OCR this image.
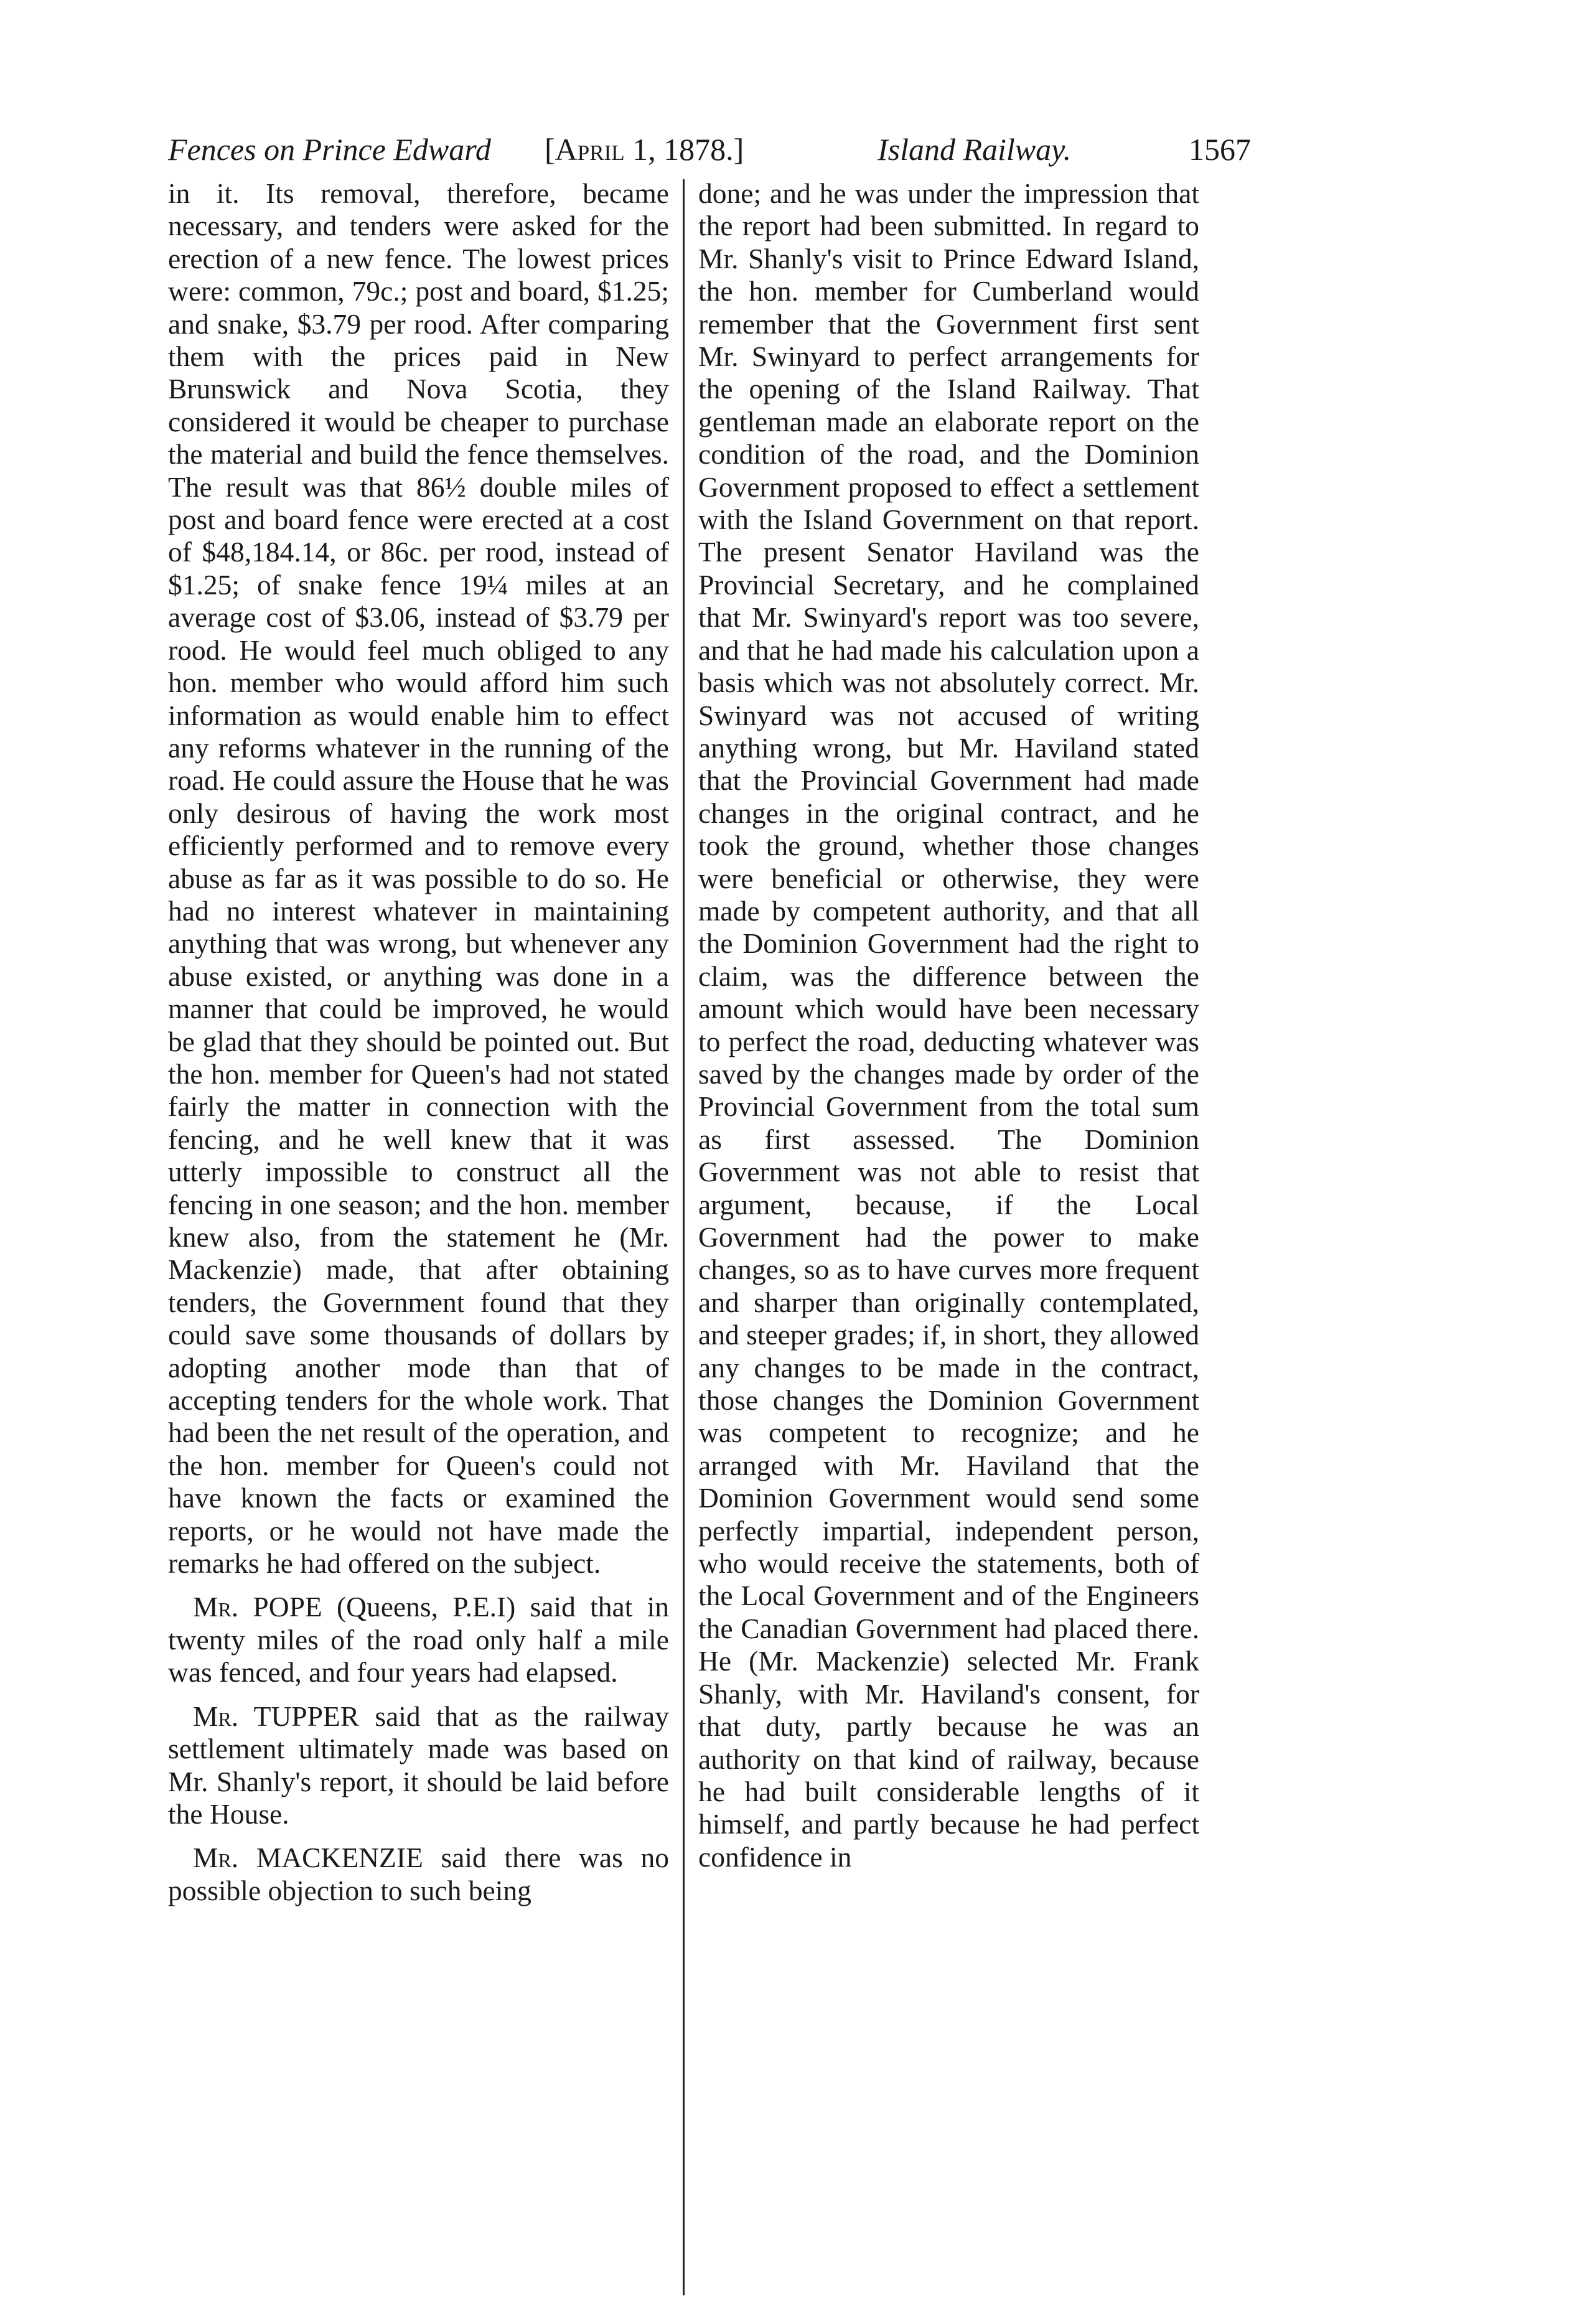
Fences on Prince Edward [April 1, 1878.]	Island Railway.	1567

in it. Its removal, therefore, became necessary, and tenders were asked for the erection of a new fence. The lowest prices were: common, 79c.; post and board, $1.25; and snake, $3.79 per rood. After comparing them with the prices paid in New Brunswick and Nova Scotia, they considered it would be cheaper to purchase the material and build the fence themselves. The result was that 86½ double miles of post and board fence were erected at a cost of $48,184.14, or 86c. per rood, instead of $1.25; of snake fence 19¼ miles at an average cost of $3.06, instead of $3.79 per rood. He would feel much obliged to any hon. member who would afford him such information as would enable him to effect any reforms whatever in the running of the road. He could assure the House that he was only desirous of having the work most efficiently performed and to remove every abuse as far as it was possible to do so. He had no interest whatever in maintaining anything that was wrong, but whenever any abuse existed, or anything was done in a manner that could be improved, he would be glad that they should be pointed out. But the hon. member for Queen's had not stated fairly the matter in connection with the fencing, and he well knew that it was utterly impossible to construct all the fencing in one season; and the hon. member knew also, from the statement he (Mr. Mackenzie) made, that after obtaining tenders, the Government found that they could save some thousands of dollars by adopting another mode than that of accepting tenders for the whole work. That had been the net result of the operation, and the hon. member for Queen's could not have known the facts or examined the reports, or he would not have made the remarks he had offered on the subject.

Mr. POPE (Queens, P.E.I) said that in twenty miles of the road only half a mile was fenced, and four years had elapsed.

Mr. TUPPER said that as the railway settlement ultimately made was based on Mr. Shanly's report, it should be laid before the House.

Mr. MACKENZIE said there was no possible objection to such being

done; and he was under the impression that the report had been submitted. In regard to Mr. Shanly's visit to Prince Edward Island, the hon. member for Cumberland would remember that the Government first sent Mr. Swinyard to perfect arrangements for the opening of the Island Railway. That gentleman made an elaborate report on the condition of the road, and the Dominion Government proposed to effect a settlement with the Island Government on that report. The present Senator Haviland was the Provincial Secretary, and he complained that Mr. Swinyard's report was too severe, and that he had made his calculation upon a basis which was not absolutely correct. Mr. Swinyard was not accused of writing anything wrong, but Mr. Haviland stated that the Provincial Government had made changes in the original contract, and he took the ground, whether those changes were beneficial or otherwise, they were made by competent authority, and that all the Dominion Government had the right to claim, was the difference between the amount which would have been necessary to perfect the road, deducting whatever was saved by the changes made by order of the Provincial Government from the total sum as first assessed. The Dominion Government was not able to resist that argument, because, if the Local Government had the power to make changes, so as to have curves more frequent and sharper than originally contemplated, and steeper grades; if, in short, they allowed any changes to be made in the contract, those changes the Dominion Government was competent to recognize; and he arranged with Mr. Haviland that the Dominion Government would send some perfectly impartial, independent person, who would receive the statements, both of the Local Government and of the Engineers the Canadian Government had placed there. He (Mr. Mackenzie) selected Mr. Frank Shanly, with Mr. Haviland's consent, for that duty, partly because he was an authority on that kind of railway, because he had built considerable lengths of it himself, and partly because he had perfect confidence in
